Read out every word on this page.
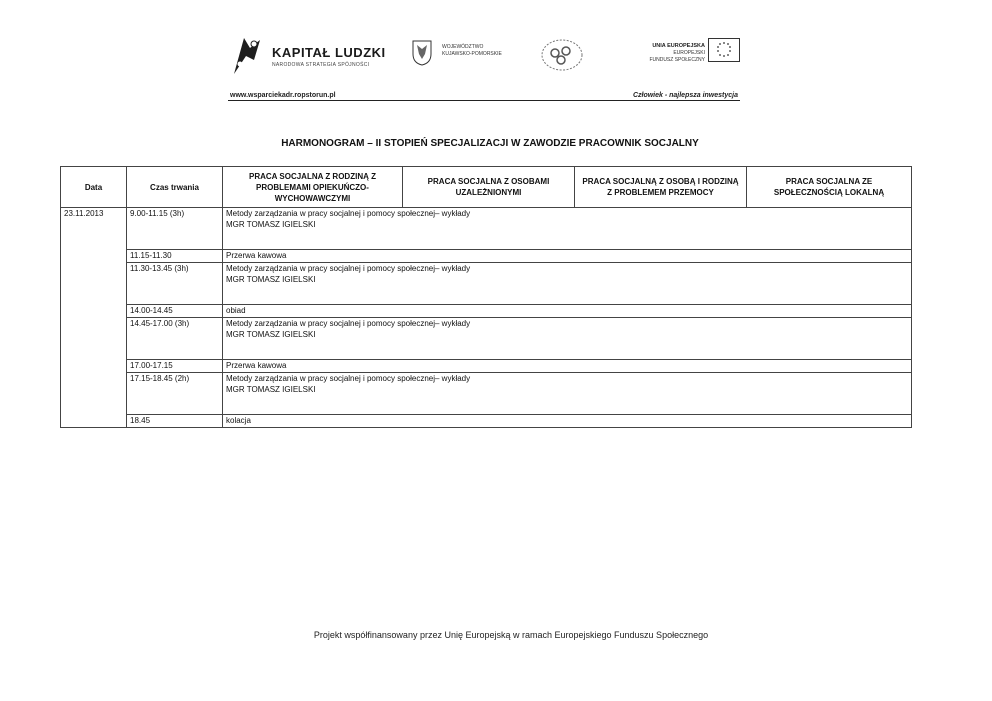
KAPITAŁ LUDZKI
NARODOWA STRATEGIA SPÓJNOŚCI
WOJEWÓDZTWO
KUJAWSKO-POMORSKIE
UNIA EUROPEJSKA
EUROPEJSKI
FUNDUSZ SPOŁECZNY
www.wsparciekadr.ropstorun.pl	Człowiek - najlepsza inwestycja
HARMONOGRAM – II STOPIEŃ SPECJALIZACJI W ZAWODZIE PRACOWNIK SOCJALNY
Data	Czas trwania	PRACA SOCJALNA Z RODZINĄ Z PROBLEMAMI OPIEKUŃCZO-WYCHOWAWCZYMI	PRACA SOCJALNA Z OSOBAMI UZALEŻNIONYMI	PRACA SOCJALNĄ Z OSOBĄ I RODZINĄ Z PROBLEMEM PRZEMOCY	PRACA SOCJALNA ZE SPOŁECZNOŚCIĄ LOKALNĄ
23.11.2013	9.00-11.15 (3h)	Metody zarządzania w pracy socjalnej i pomocy społecznej– wykłady
MGR TOMASZ IGIELSKI			

	11.15-11.30	Przerwa kawowa			
	11.30-13.45 (3h)	Metody zarządzania w pracy socjalnej i pomocy społecznej– wykłady
MGR TOMASZ IGIELSKI			

	14.00-14.45	obiad			
	14.45-17.00 (3h)	Metody zarządzania w pracy socjalnej i pomocy społecznej– wykłady
MGR TOMASZ IGIELSKI			

	17.00-17.15	Przerwa kawowa			
	17.15-18.45 (2h)	Metody zarządzania w pracy socjalnej i pomocy społecznej– wykłady
MGR TOMASZ IGIELSKI			

	18.45	kolacja			
Projekt współfinansowany przez Unię Europejską w ramach Europejskiego Funduszu Społecznego
